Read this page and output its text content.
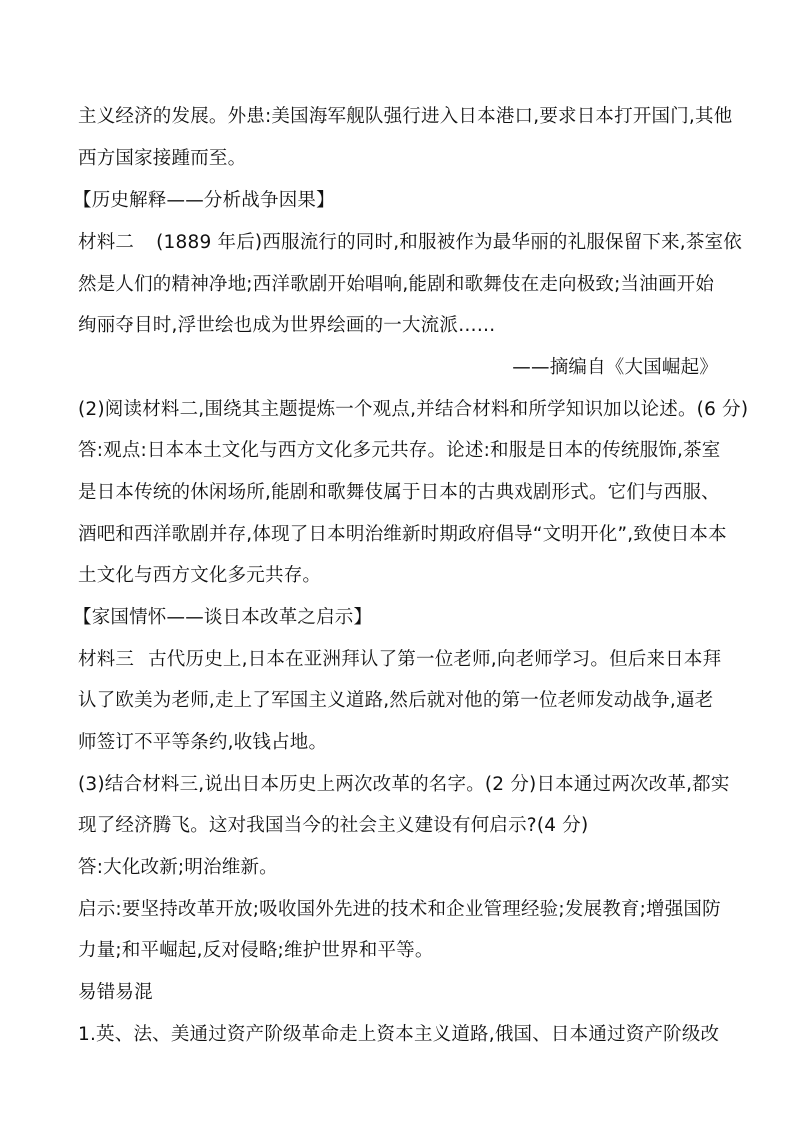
主义经济的发展。外患:美国海军舰队强行进入日本港口,要求日本打开国门,其他
西方国家接踵而至。
【历史解释——分析战争因果】
材料二 (1889 年后)西服流行的同时,和服被作为最华丽的礼服保留下来,茶室依
然是人们的精神净地;西洋歌剧开始唱响,能剧和歌舞伎在走向极致;当油画开始
绚丽夺目时,浮世绘也成为世界绘画的一大流派……
——摘编自《大国崛起》
(2)阅读材料二,围绕其主题提炼一个观点,并结合材料和所学知识加以论述。(6 分)
答:观点:日本本土文化与西方文化多元共存。论述:和服是日本的传统服饰,茶室
是日本传统的休闲场所,能剧和歌舞伎属于日本的古典戏剧形式。它们与西服、
酒吧和西洋歌剧并存,体现了日本明治维新时期政府倡导“文明开化”,致使日本本
土文化与西方文化多元共存。
【家国情怀——谈日本改革之启示】
材料三 古代历史上,日本在亚洲拜认了第一位老师,向老师学习。但后来日本拜
认了欧美为老师,走上了军国主义道路,然后就对他的第一位老师发动战争,逼老
师签订不平等条约,收钱占地。
(3)结合材料三,说出日本历史上两次改革的名字。(2 分)日本通过两次改革,都实
现了经济腾飞。这对我国当今的社会主义建设有何启示?(4 分)
答:大化改新;明治维新。
启示:要坚持改革开放;吸收国外先进的技术和企业管理经验;发展教育;增强国防
力量;和平崛起,反对侵略;维护世界和平等。
易错易混
1.英、法、美通过资产阶级革命走上资本主义道路,俄国、日本通过资产阶级改
